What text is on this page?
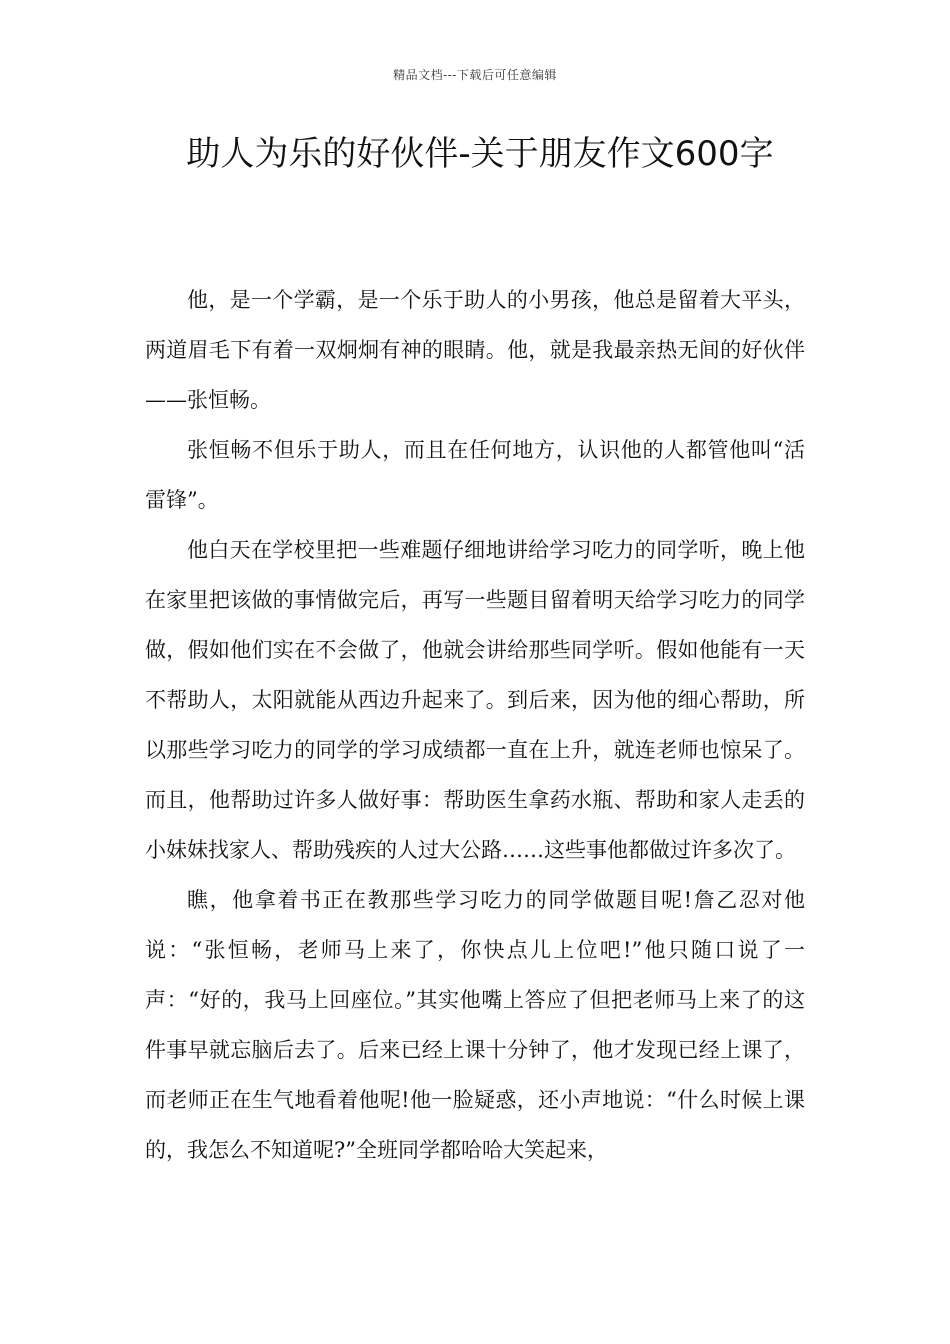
精品文档---下载后可任意编辑
助人为乐的好伙伴-关于朋友作文600字

他，是一个学霸，是一个乐于助人的小男孩，他总是留着大平头，两道眉毛下有着一双炯炯有神的眼睛。他，就是我最亲热无间的好伙伴——张恒畅。

张恒畅不但乐于助人，而且在任何地方，认识他的人都管他叫“活雷锋”。

他白天在学校里把一些难题仔细地讲给学习吃力的同学听，晚上他在家里把该做的事情做完后，再写一些题目留着明天给学习吃力的同学做，假如他们实在不会做了，他就会讲给那些同学听。假如他能有一天不帮助人，太阳就能从西边升起来了。到后来，因为他的细心帮助，所以那些学习吃力的同学的学习成绩都一直在上升，就连老师也惊呆了。而且，他帮助过许多人做好事：帮助医生拿药水瓶、帮助和家人走丢的小妹妹找家人、帮助残疾的人过大公路……这些事他都做过许多次了。

瞧，他拿着书正在教那些学习吃力的同学做题目呢!詹乙忍对他说：“张恒畅，老师马上来了，你快点儿上位吧!”他只随口说了一声：“好的，我马上回座位。”其实他嘴上答应了但把老师马上来了的这件事早就忘脑后去了。后来已经上课十分钟了，他才发现已经上课了，而老师正在生气地看着他呢!他一脸疑惑，还小声地说：“什么时候上课的，我怎么不知道呢?”全班同学都哈哈大笑起来，
